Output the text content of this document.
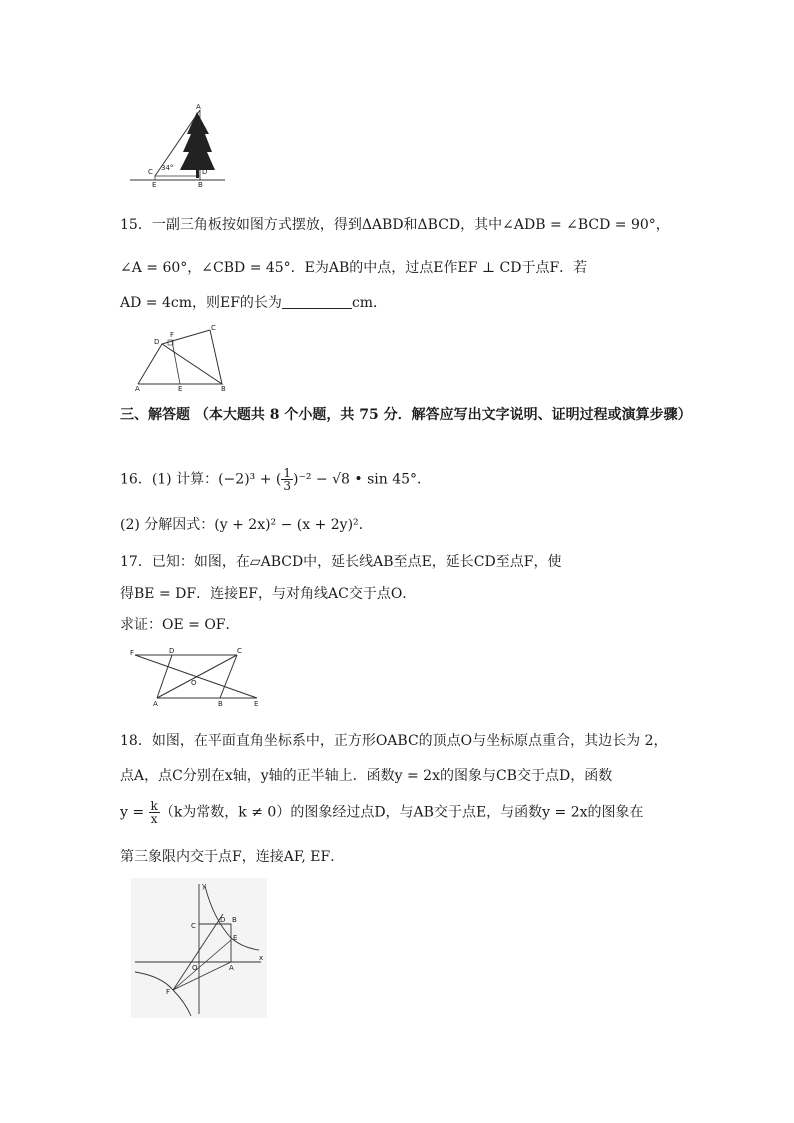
A
C 34°	D
E	B
15．一副三角板按如图方式摆放，得到ΔABD和ΔBCD，其中∠ADB = ∠BCD = 90°，
∠A = 60°，∠CBD = 45°．E为AB的中点，过点E作EF ⊥ CD于点F．若
AD = 4cm，则EF的长为	cm．
D
F
C
A	E	B
三、解答题 （本大题共 8 个小题，共 75 分．解答应写出文字说明、证明过程或演算步骤）
16．(1) 计算：(−2)³ + ( $\frac{1}{3} )^{-2} - √8$ • sin 45°．
(2) 分解因式：(y + 2x)² − (x + 2y)²．
17．已知：如图，在▱ABCD中，延长线AB至点E，延长CD至点F，使
得BE = DF．连接EF，与对角线AC交于点O．
求证：OE = OF．
F	D	C
O
A	B	E
18．如图，在平面直角坐标系中，正方形OABC的顶点O与坐标原点重合，其边长为 2，
点A，点C分别在x轴，y轴的正半轴上．函数y = 2x的图象与CB交于点D，函数
$y = \frac{k}{x} (k$为常数，k ≠ 0）的图象经过点D，与AB交于点E，与函数y = 2x的图象在
第三象限内交于点F，连接AF, EF．
y
C
D B
E
O	A
x
F
